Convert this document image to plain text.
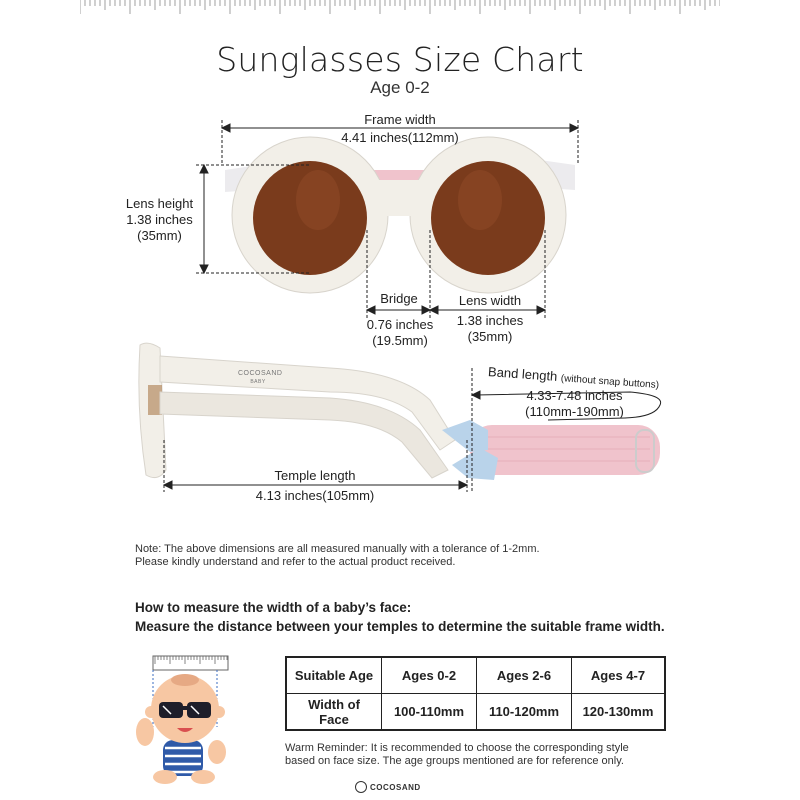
Sunglasses Size Chart
Age 0-2
COCOSAND
BABY
Frame width
4.41 inches(112mm)
Lens height
1.38 inches
(35mm)
Bridge
0.76 inches
(19.5mm)
Lens width
1.38 inches
(35mm)
Band length (without snap buttons)
4.33-7.48 inches
(110mm-190mm)
Temple length
4.13 inches(105mm)
Note: The above dimensions are all measured manually with a tolerance of 1-2mm.
Please kindly understand and refer to the actual product received.
How to measure the width of a baby’s face:
Measure the distance between your temples to determine the suitable frame width.
Suitable Age	Ages 0-2	Ages 2-6	Ages 4-7
Width of Face	100-110mm	110-120mm	120-130mm
Warm Reminder: It is recommended to choose the corresponding style
based on face size. The age groups mentioned are for reference only.
COCOSAND
